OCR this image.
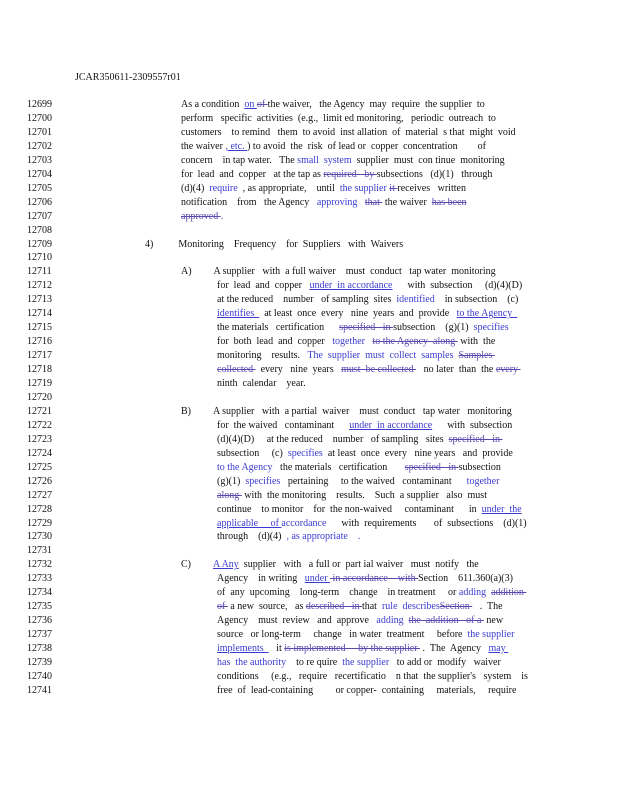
JCAR350611-2309557r01
12699	As a condition  on of the waiver,   the Agency  may  require  the supplier  to
12700	perform   specific  activities  (e.g.,  limit ed monitoring,   periodic  outreach  to
12701	customers    to remind   them  to avoid  inst allation  of  material  s that  might  void
12702	the waiver , etc. ) to avoid  the  risk  of lead or  copper  concentration        of
12703	concern    in tap water.   The small  system  supplier  must  con tinue  monitoring
12704	for  lead  and  copper   at the tap as required   by subsections   (d)(1)   through
12705	(d)(4)  require  , as appropriate,    until  the supplier it receives   written
12706	notification    from   the Agency   approving that  the waiver  has been
12707	approved .
12708
12709	4)          Monitoring    Frequency    for  Suppliers   with  Waivers
12710
12711	A)         A supplier   with  a full waiver    must  conduct   tap water  monitoring
12712	for  lead  and  copper   under  in accordance      with  subsection     (d)(4)(D)
12713	at the reduced    number   of sampling  sites  identified    in subsection    (c)
12714	identifies    at least  once  every   nine  years  and  provide   to the Agency
12715	the materials   certification      specified   in subsection    (g)(1)  specifies
12716	for  both  lead  and  copper   together to the Agency  along  with  the
12717	monitoring    results.   The  supplier  must  collect  samples Samples
12718	collected   every   nine  years   must  be collected    no later  than  the every
12719	ninth  calendar    year.
12720
12721	B)         A supplier   with  a partial  waiver    must  conduct   tap water   monitoring
12722	for  the waived   contaminant      under  in accordance      with  subsection
12723	(d)(4)(D)     at the reduced    number   of sampling   sites  specified   in
12724	subsection     (c)  specifies  at least  once  every   nine years   and  provide
12725	to the Agency   the materials   certification       specified   in subsection
12726	(g)(1)  specifies   pertaining     to the waived   contaminant      together
12727	along  with  the monitoring    results.    Such  a supplier   also  must
12728	continue    to monitor    for  the non-waived     contaminant      in  under  the
12729	applicable     of accordance      with  requirements       of  subsections    (d)(1)
12730	through    (d)(4)  , as appropriate    .
12731
12732	C)         A Any  supplier   with   a full or  part ial waiver   must  notify   the
12733	Agency    in writing   under  in accordance    with Section    611.360(a)(3)
12734	of  any  upcoming    long-term    change    in treatment     or adding addition
12735	of  a new  source,   as described   in that  rule  describesSection    .  The
12736	Agency    must  review   and  approve   adding the  addition   of a  new
12737	source   or long-term     change   in water  treatment     before  the supplier
12738	implements     it is implemented     by the supplier  .  The  Agency   may
12739	has  the authority    to re quire  the supplier   to add or  modify   waiver
12740	conditions     (e.g.,   require   recertificatio    n that  the supplier's   system    is
12741	free  of  lead-containing         or copper-  containing     materials,     require
